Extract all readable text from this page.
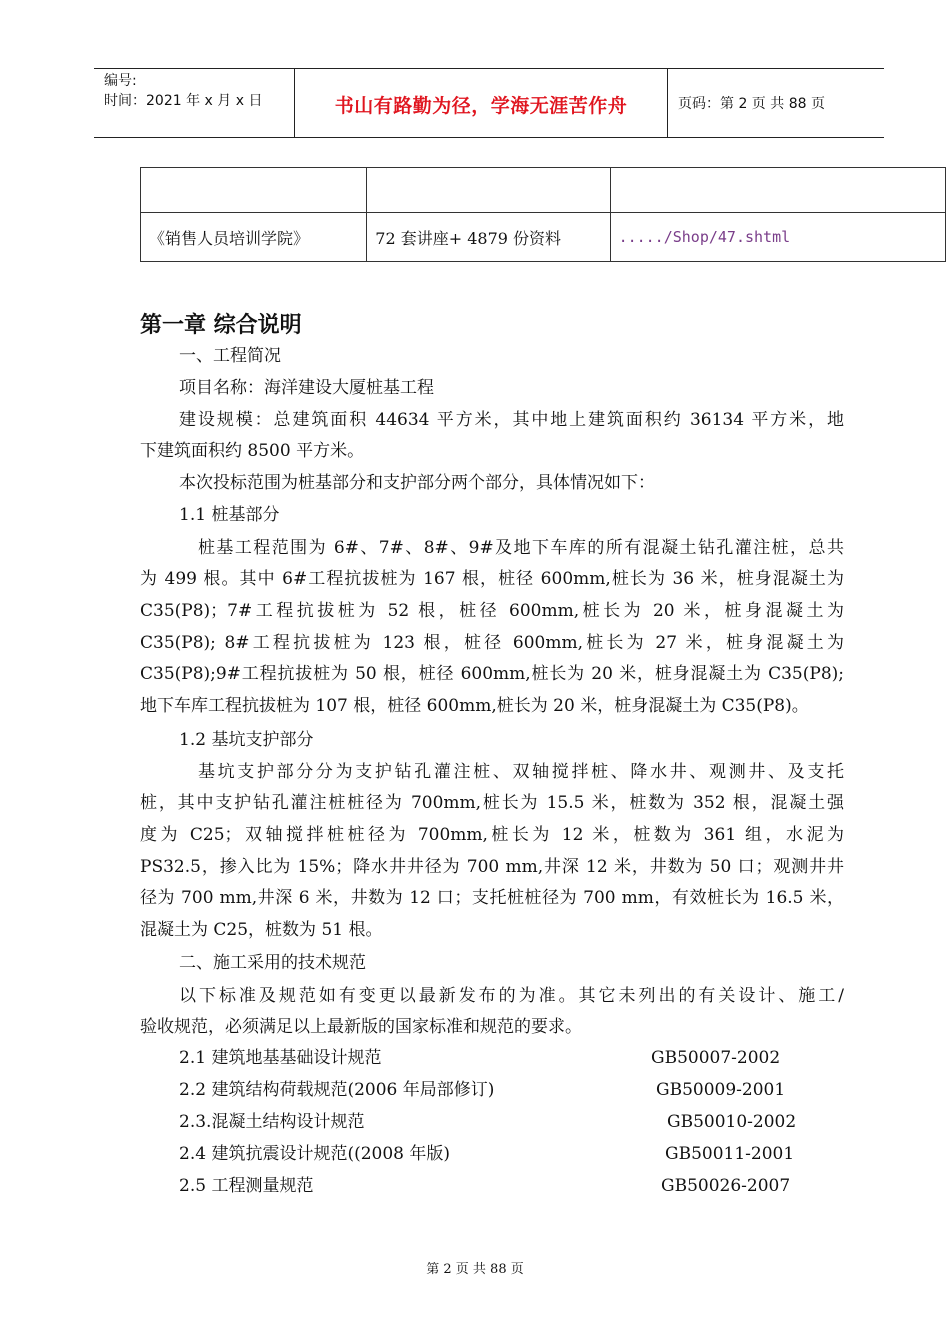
编号:
时间：2021 年 x 月 x 日	书山有路勤为径，学海无涯苦作舟	页码：第 2 页 共 88 页

《销售人员培训学院》	72 套讲座+ 4879 份资料	...../Shop/47.shtml
第一章 综合说明
一、工程简况
项目名称：海洋建设大厦桩基工程
建设规模：总建筑面积 44634 平方米，其中地上建筑面积约 36134 平方米，地
下建筑面积约 8500 平方米。
本次投标范围为桩基部分和支护部分两个部分，具体情况如下：
1.1 桩基部分
桩基工程范围为 6#、7#、8#、9#及地下车库的所有混凝土钻孔灌注桩，总共
为 499 根。其中 6#工程抗拔桩为 167 根，桩径 600mm,桩长为 36 米，桩身混凝土为
C35(P8)；7#工程抗拔桩为 52 根，桩径 600mm,桩长为 20 米，桩身混凝土为
C35(P8); 8#工程抗拔桩为 123 根，桩径 600mm,桩长为 27 米，桩身混凝土为
C35(P8);9#工程抗拔桩为 50 根，桩径 600mm,桩长为 20 米，桩身混凝土为 C35(P8);
地下车库工程抗拔桩为 107 根，桩径 600mm,桩长为 20 米，桩身混凝土为 C35(P8)。
1.2 基坑支护部分
基坑支护部分分为支护钻孔灌注桩、双轴搅拌桩、降水井、观测井、及支托
桩，其中支护钻孔灌注桩桩径为 700mm,桩长为 15.5 米，桩数为 352 根，混凝土强
度为 C25；双轴搅拌桩桩径为 700mm,桩长为 12 米，桩数为 361 组，水泥为
PS32.5，掺入比为 15%；降水井井径为 700 mm,井深 12 米，井数为 50 口；观测井井
径为 700 mm,井深 6 米，井数为 12 口；支托桩桩径为 700 mm，有效桩长为 16.5 米，
混凝土为 C25，桩数为 51 根。
二、施工采用的技术规范
以下标准及规范如有变更以最新发布的为准。其它未列出的有关设计、施工/
验收规范，必须满足以上最新版的国家标准和规范的要求。
2.1 建筑地基基础设计规范	GB50007-2002
2.2 建筑结构荷载规范(2006 年局部修订)	GB50009-2001
2.3.混凝土结构设计规范	GB50010-2002
2.4 建筑抗震设计规范((2008 年版)	GB50011-2001
2.5 工程测量规范	GB50026-2007
第 2 页 共 88 页
